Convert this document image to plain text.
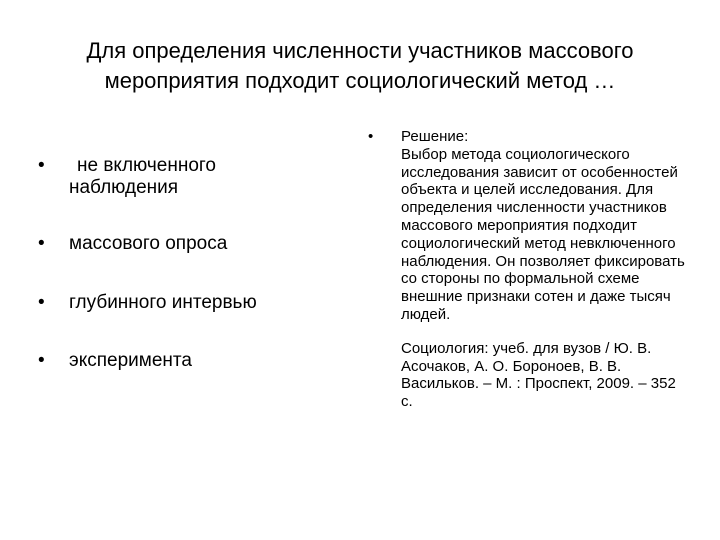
Для определения численности участников массового
мероприятия подходит социологический метод …
• не включенного
наблюдения
• массового опроса
• глубинного интервью
• эксперимента
• Решение:
Выбор метода социологического исследования зависит от особенностей объекта и целей исследования. Для определения численности участников массового мероприятия подходит социологический метод невключенного наблюдения. Он позволяет фиксировать со стороны по формальной схеме внешние признаки сотен и даже тысяч людей.
Социология: учеб. для вузов / Ю. В. Асочаков, А. О. Бороноев, В. В. Васильков. – М. : Проспект, 2009. – 352 с.
